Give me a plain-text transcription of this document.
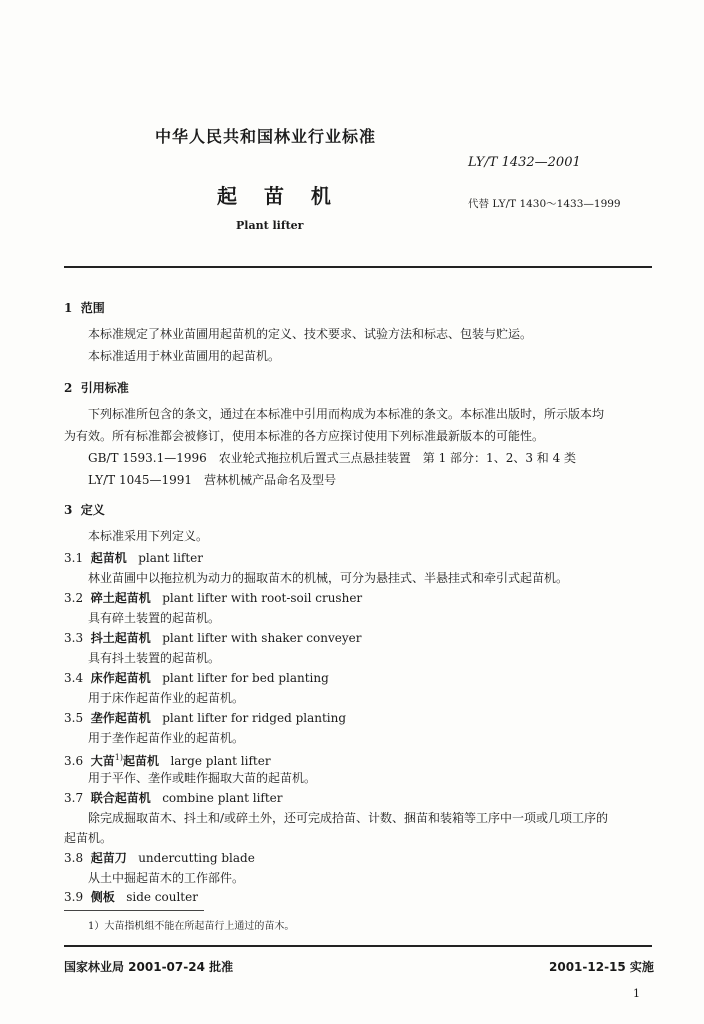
中华人民共和国林业行业标准
LY/T 1432—2001
起 苗 机	代替 LY/T 1430～1433—1999
Plant lifter
1 范围
本标准规定了林业苗圃用起苗机的定义、技术要求、试验方法和标志、包装与贮运。
本标准适用于林业苗圃用的起苗机。
2 引用标准
下列标准所包含的条文，通过在本标准中引用而构成为本标准的条文。本标准出版时，所示版本均
为有效。所有标准都会被修订，使用本标准的各方应探讨使用下列标准最新版本的可能性。
GB/T 1593.1—1996　农业轮式拖拉机后置式三点悬挂装置　第 1 部分：1、2、3 和 4 类
LY/T 1045—1991　营林机械产品命名及型号
3 定义
本标准采用下列定义。
3.1 起苗机 plant lifter
林业苗圃中以拖拉机为动力的掘取苗木的机械，可分为悬挂式、半悬挂式和牵引式起苗机。
3.2 碎土起苗机 plant lifter with root-soil crusher
具有碎土装置的起苗机。
3.3 抖土起苗机 plant lifter with shaker conveyer
具有抖土装置的起苗机。
3.4 床作起苗机 plant lifter for bed planting
用于床作起苗作业的起苗机。
3.5 垄作起苗机 plant lifter for ridged planting
用于垄作起苗作业的起苗机。
3.6 大苗$^{1)}$起苗机 large plant lifter
用于平作、垄作或畦作掘取大苗的起苗机。
3.7 联合起苗机 combine plant lifter
除完成掘取苗木、抖土和/或碎土外，还可完成拾苗、计数、捆苗和装箱等工序中一项或几项工序的
起苗机。
3.8 起苗刀 undercutting blade
从土中掘起苗木的工作部件。
3.9 侧板 side coulter
1）大苗指机组不能在所起苗行上通过的苗木。
国家林业局 2001-07-24 批准	2001-12-15 实施
1
